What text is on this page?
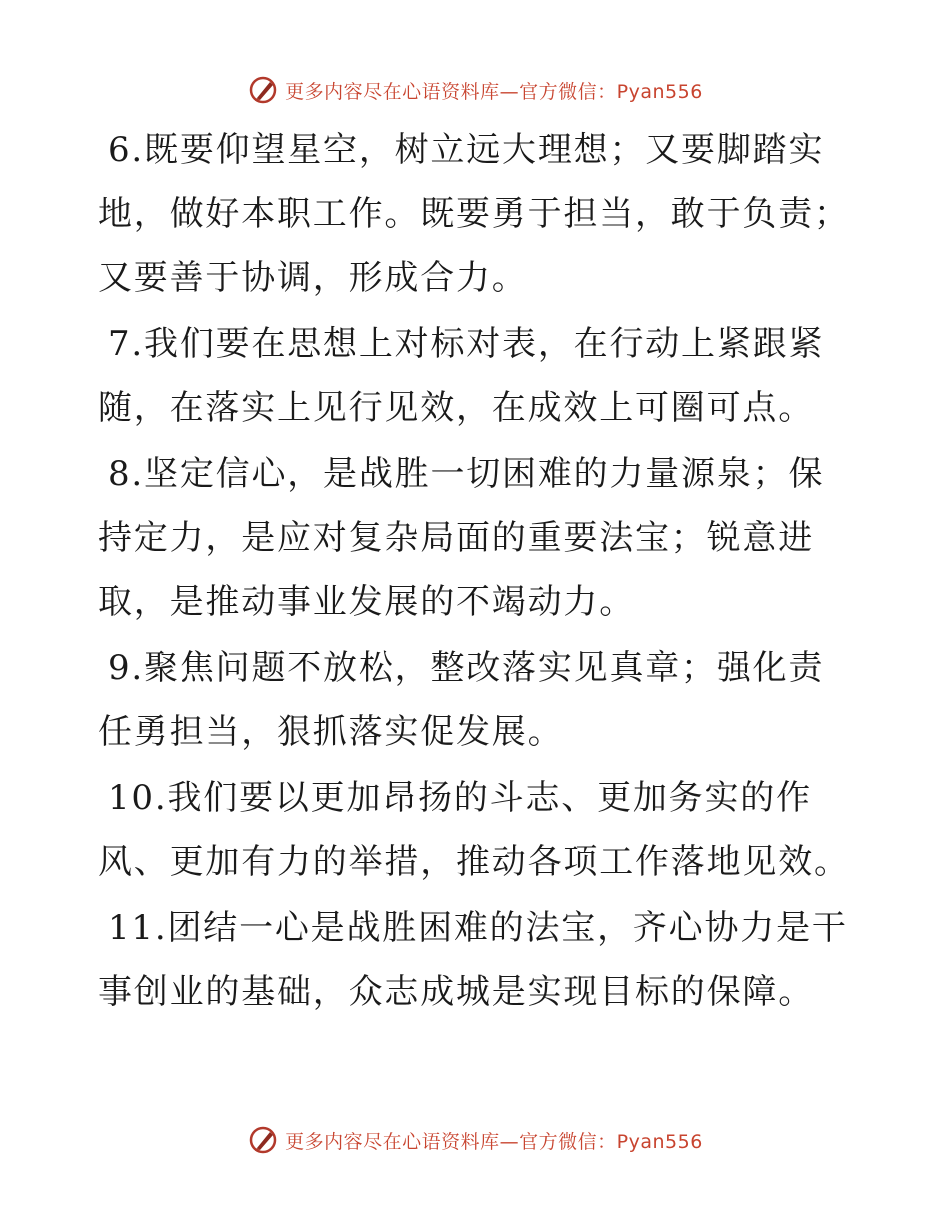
更多内容尽在心语资料库—官方微信：Pyan556

6.既要仰望星空，树立远大理想；又要脚踏实地，做好本职工作。既要勇于担当，敢于负责；又要善于协调，形成合力。

7.我们要在思想上对标对表，在行动上紧跟紧随，在落实上见行见效，在成效上可圈可点。

8.坚定信心，是战胜一切困难的力量源泉；保持定力，是应对复杂局面的重要法宝；锐意进取，是推动事业发展的不竭动力。

9.聚焦问题不放松，整改落实见真章；强化责任勇担当，狠抓落实促发展。

10.我们要以更加昂扬的斗志、更加务实的作风、更加有力的举措，推动各项工作落地见效。

11.团结一心是战胜困难的法宝，齐心协力是干事创业的基础，众志成城是实现目标的保障。

更多内容尽在心语资料库—官方微信：Pyan556
